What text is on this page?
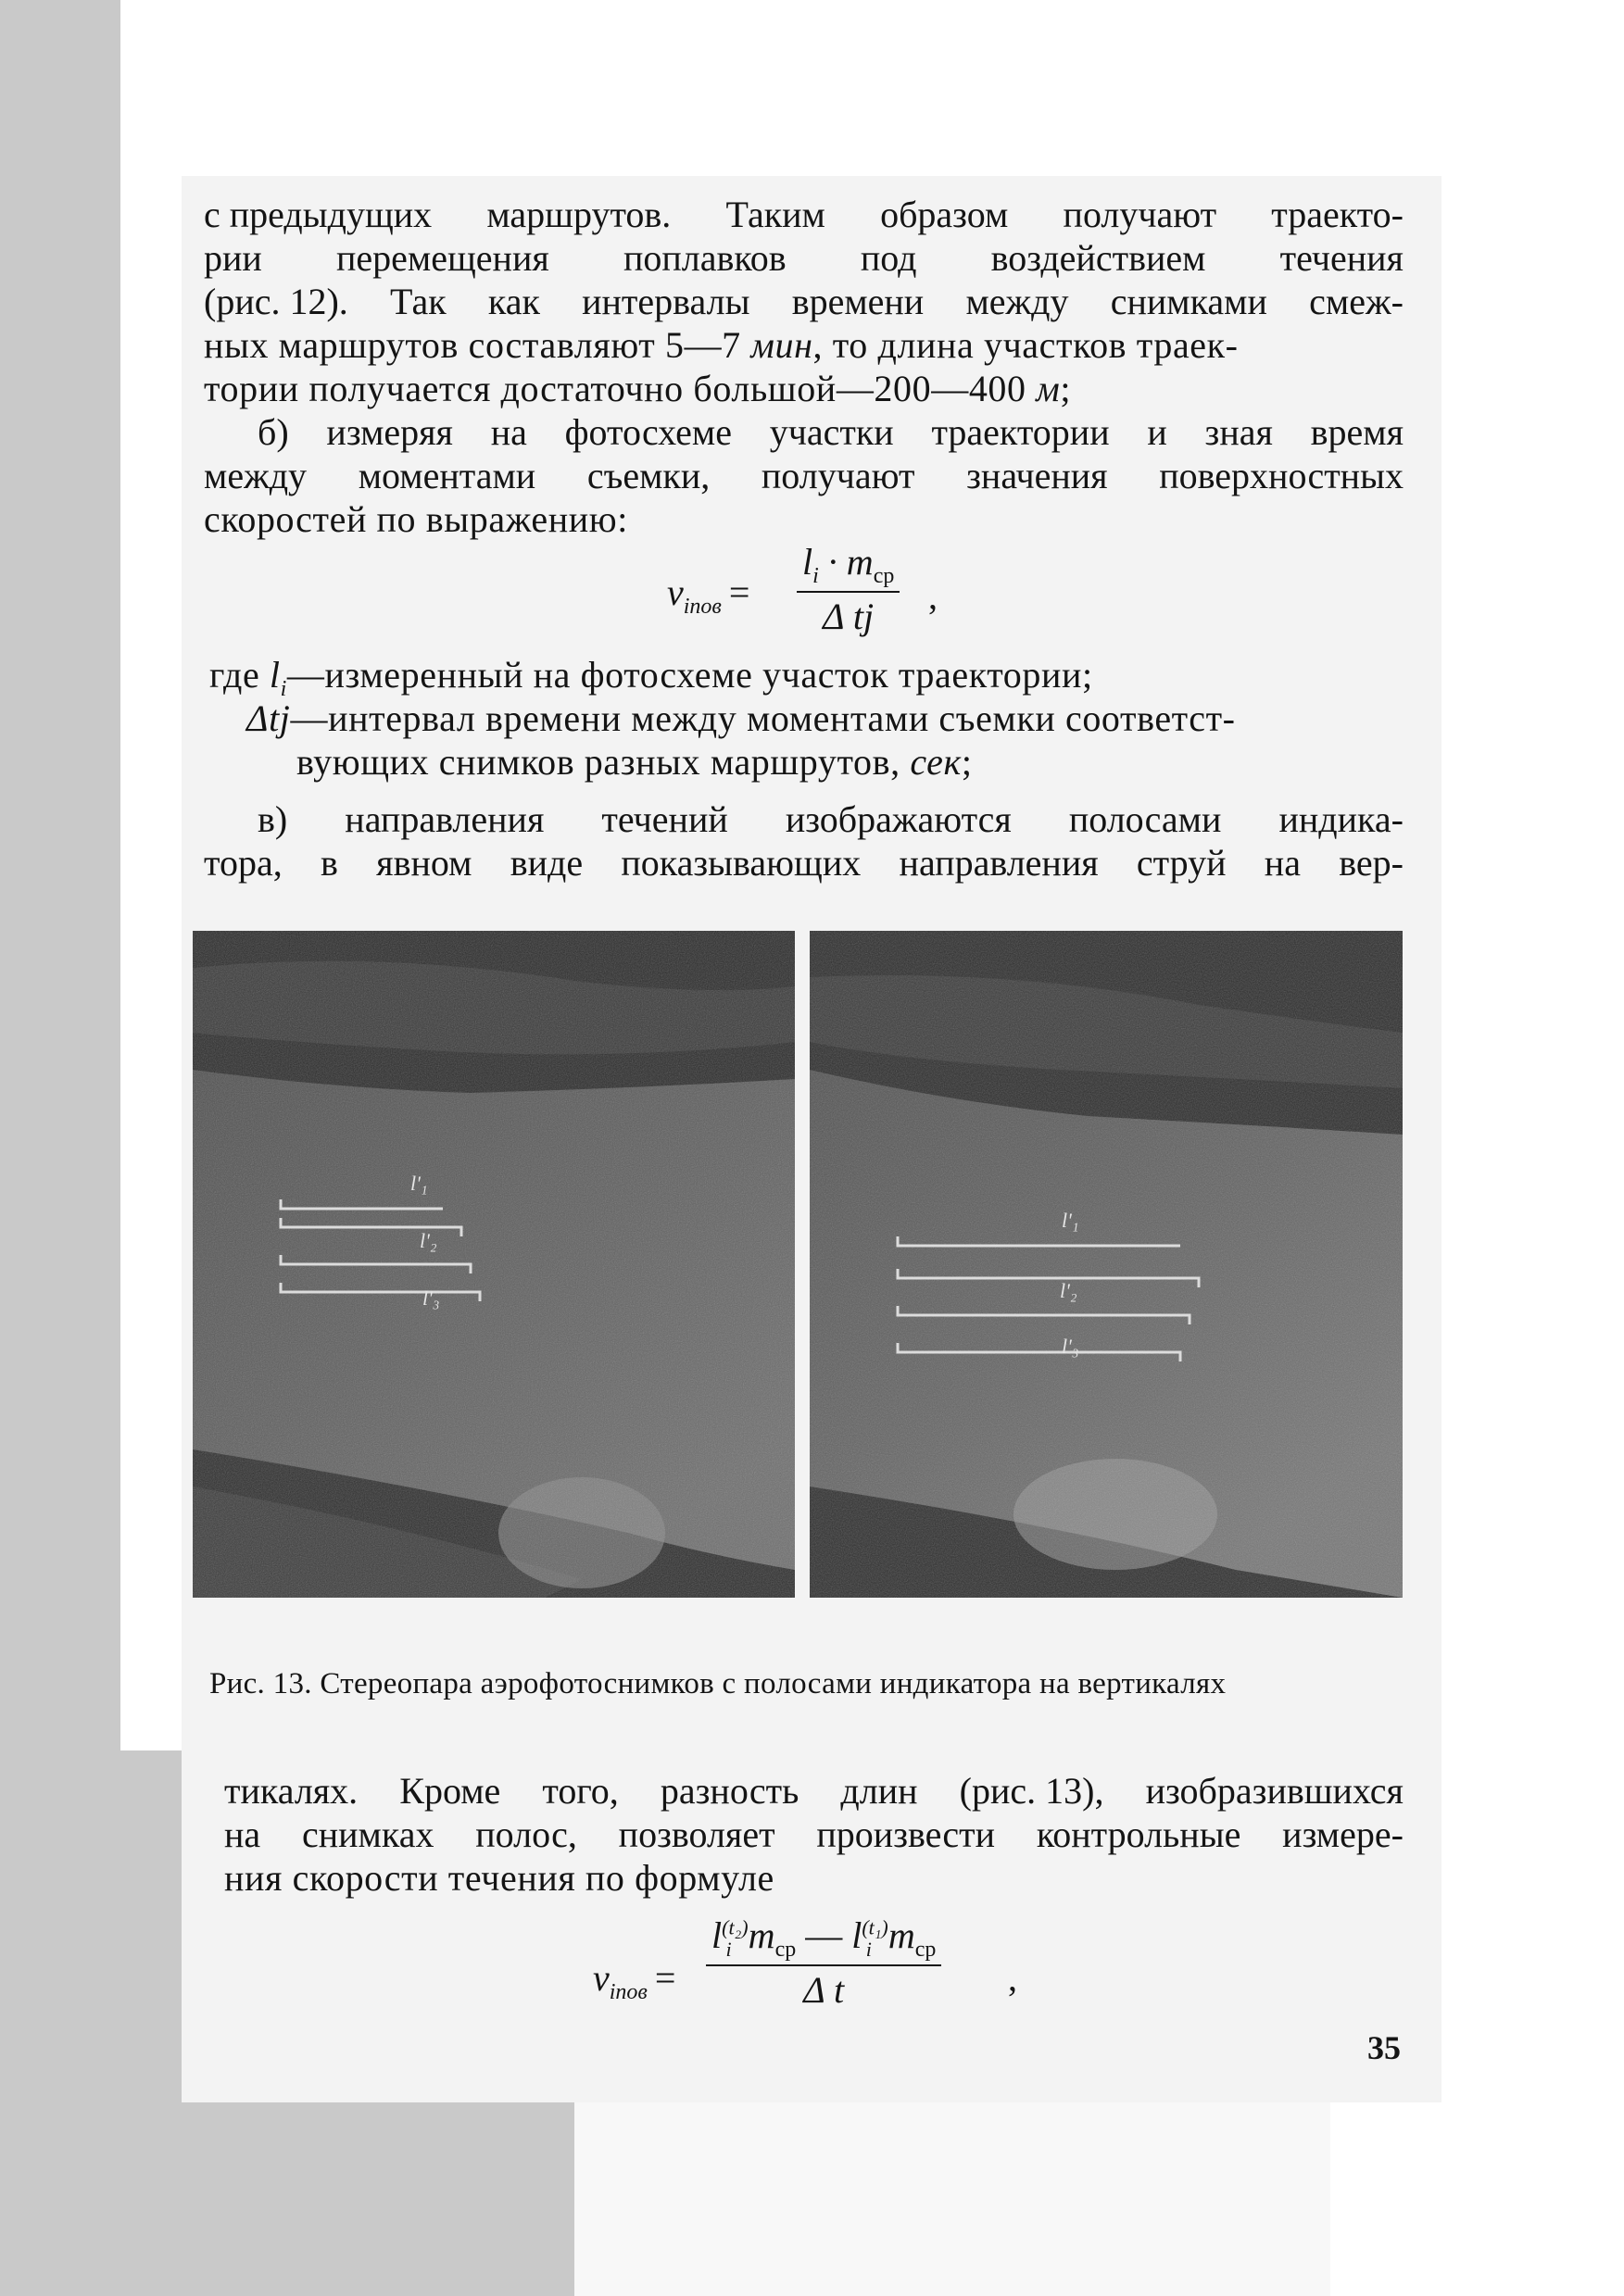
с предыдущих маршрутов. Таким образом получают траекто-
рии перемещения поплавков под воздействием течения
(рис. 12). Так как интервалы времени между снимками смеж-
ных маршрутов составляют 5—7 мин, то длина участков траек-
тории получается достаточно большой—200—400 м;
б) измеряя на фотосхеме участки траектории и зная время
между моментами съемки, получают значения поверхностных
скоростей по выражению:
$v_{iпов}$ =
$l_i \cdot m_{ср}$
Δ tj ,
где $l_i—измеренный$ на фотосхеме участок траектории;
Δtj—интервал времени между моментами съемки соответст-
вующих снимков разных маршрутов, сек;
в) направления течений изображаются полосами индика-
тора, в явном виде показывающих направления струй на вер-
l'₁
l'₂
l'₃
l'₁
l'₂
l'₃
Рис. 13. Стереопара аэрофотоснимков с полосами индикатора на вертикалях
тикалях. Кроме того, разность длин (рис. 13), изобразившихся
на снимках полос, позволяет произвести контрольные измере-
ния скорости течения по формуле
$v_{iпов}$ =
$l^{(t_2)}_i$ $m_{ср}$ — $l^{(t_1)}_i$ $m_{ср}$
Δ t	,
35
